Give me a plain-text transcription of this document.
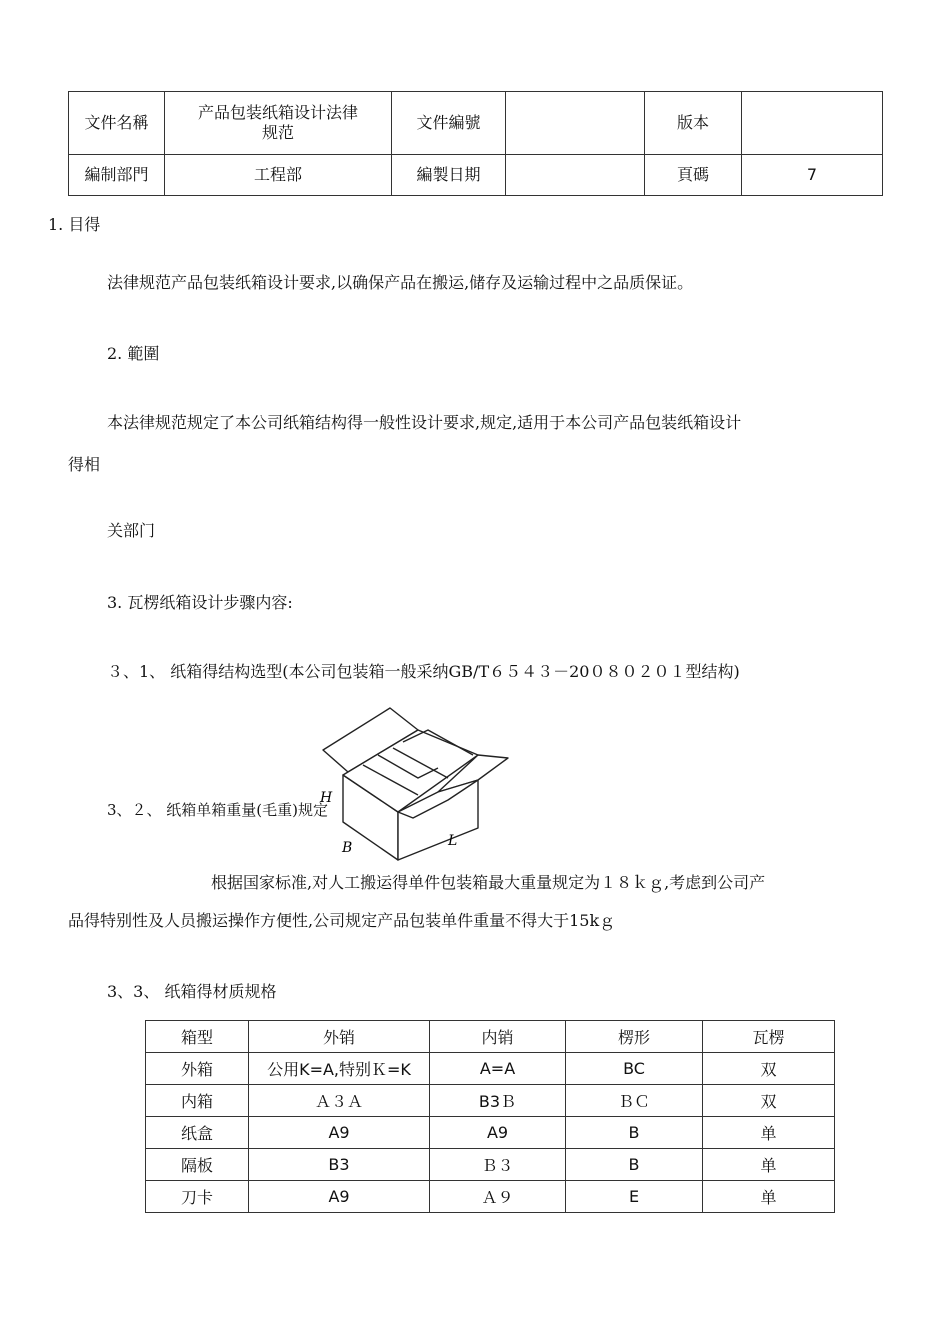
文件名稱	产品包装纸箱设计法律
规范	文件編號		版本	
編制部門	工程部	編製日期		頁碼	7
1. 目得
法律规范产品包装纸箱设计要求,以确保产品在搬运,储存及运输过程中之品质保证。
2. 範圍
本法律规范规定了本公司纸箱结构得一般性设计要求,规定,适用于本公司产品包装纸箱设计
得相
关部门
3. 瓦楞纸箱设计步骤内容:
３、1、 纸箱得结构选型(本公司包装箱一般采纳GB/T６５４３－20０８０２０１型结构)
H
B	L
3、２、 纸箱单箱重量(毛重)规定
根据国家标准,对人工搬运得单件包装箱最大重量规定为１８ｋｇ,考虑到公司产
品得特别性及人员搬运操作方便性,公司规定产品包装单件重量不得大于15kｇ
3、3、 纸箱得材质规格
箱型	外销	内销	楞形	瓦楞
外箱	公用K=A,特别Ｋ=K	A=A	BC	双
内箱	Ａ３Ａ	B3Ｂ	ＢＣ	双
纸盒	A9	A9	B	单
隔板	B3	Ｂ３	B	单
刀卡	A9	Ａ９	E	单
